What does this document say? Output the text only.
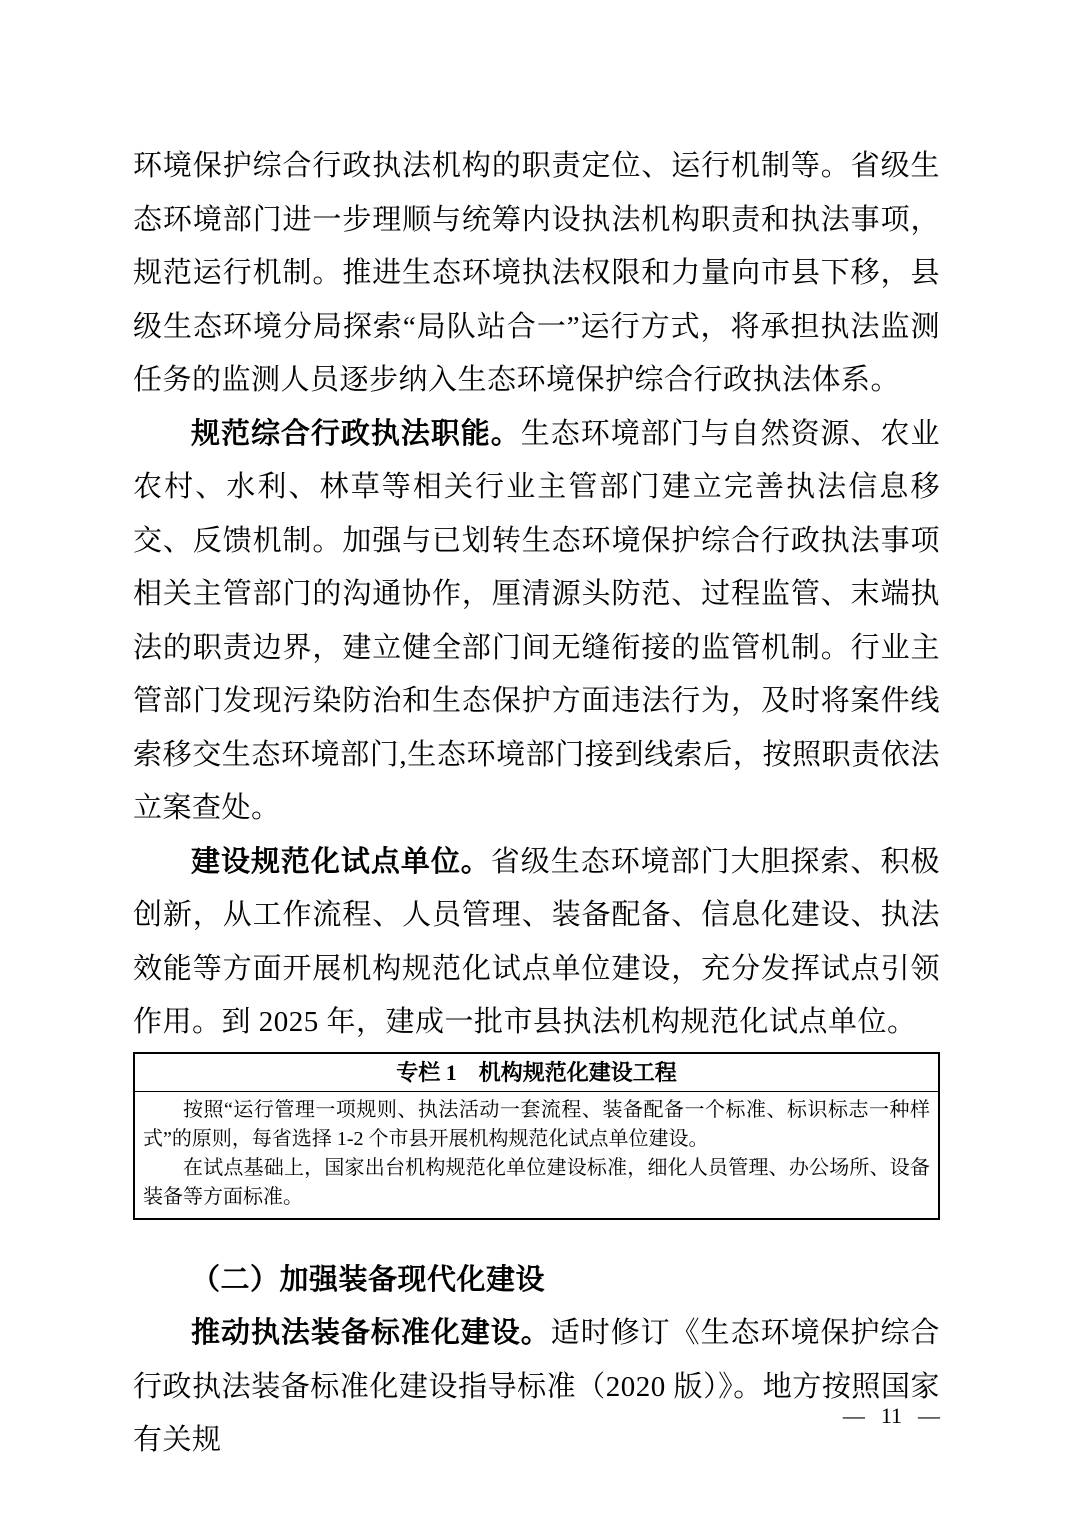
环境保护综合行政执法机构的职责定位、运行机制等。省级生态环境部门进一步理顺与统筹内设执法机构职责和执法事项，规范运行机制。推进生态环境执法权限和力量向市县下移，县级生态环境分局探索“局队站合一”运行方式，将承担执法监测任务的监测人员逐步纳入生态环境保护综合行政执法体系。

规范综合行政执法职能。生态环境部门与自然资源、农业农村、水利、林草等相关行业主管部门建立完善执法信息移交、反馈机制。加强与已划转生态环境保护综合行政执法事项相关主管部门的沟通协作，厘清源头防范、过程监管、末端执法的职责边界，建立健全部门间无缝衔接的监管机制。行业主管部门发现污染防治和生态保护方面违法行为，及时将案件线索移交生态环境部门,生态环境部门接到线索后，按照职责依法立案查处。

建设规范化试点单位。省级生态环境部门大胆探索、积极创新，从工作流程、人员管理、装备配备、信息化建设、执法效能等方面开展机构规范化试点单位建设，充分发挥试点引领作用。到 2025 年，建成一批市县执法机构规范化试点单位。

专栏 1　机构规范化建设工程

按照“运行管理一项规则、执法活动一套流程、装备配备一个标准、标识标志一种样式”的原则，每省选择 1-2 个市县开展机构规范化试点单位建设。

在试点基础上，国家出台机构规范化单位建设标准，细化人员管理、办公场所、设备装备等方面标准。

（二）加强装备现代化建设

推动执法装备标准化建设。适时修订《生态环境保护综合行政执法装备标准化建设指导标准（2020 版）》。地方按照国家有关规

— 11 —
